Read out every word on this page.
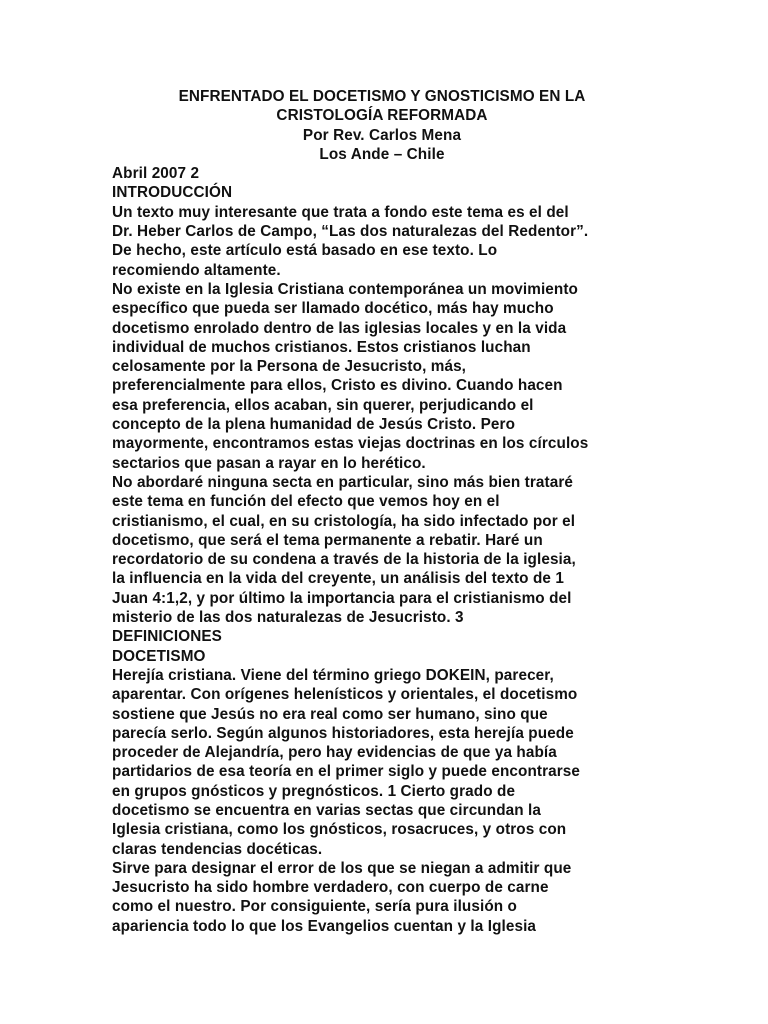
ENFRENTADO EL DOCETISMO Y GNOSTICISMO EN LA
CRISTOLOGÍA REFORMADA
Por Rev. Carlos Mena
Los Ande – Chile
Abril 2007 2
INTRODUCCIÓN
Un texto muy interesante que trata a fondo este tema es el del
Dr. Heber Carlos de Campo, “Las dos naturalezas del Redentor”.
De hecho, este artículo está basado en ese texto. Lo
recomiendo altamente.
No existe en la Iglesia Cristiana contemporánea un movimiento
específico que pueda ser llamado docético, más hay mucho
docetismo enrolado dentro de las iglesias locales y en la vida
individual de muchos cristianos. Estos cristianos luchan
celosamente por la Persona de Jesucristo, más,
preferencialmente para ellos, Cristo es divino. Cuando hacen
esa preferencia, ellos acaban, sin querer, perjudicando el
concepto de la plena humanidad de Jesús Cristo. Pero
mayormente, encontramos estas viejas doctrinas en los círculos
sectarios que pasan a rayar en lo herético.
No abordaré ninguna secta en particular, sino más bien trataré
este tema en función del efecto que vemos hoy en el
cristianismo, el cual, en su cristología, ha sido infectado por el
docetismo, que será el tema permanente a rebatir. Haré un
recordatorio de su condena a través de la historia de la iglesia,
la influencia en la vida del creyente, un análisis del texto de 1
Juan 4:1,2, y por último la importancia para el cristianismo del
misterio de las dos naturalezas de Jesucristo. 3
DEFINICIONES
DOCETISMO
Herejía cristiana. Viene del término griego DOKEIN, parecer,
aparentar. Con orígenes helenísticos y orientales, el docetismo
sostiene que Jesús no era real como ser humano, sino que
parecía serlo. Según algunos historiadores, esta herejía puede
proceder de Alejandría, pero hay evidencias de que ya había
partidarios de esa teoría en el primer siglo y puede encontrarse
en grupos gnósticos y pregnósticos. 1 Cierto grado de
docetismo se encuentra en varias sectas que circundan la
Iglesia cristiana, como los gnósticos, rosacruces, y otros con
claras tendencias docéticas.
Sirve para designar el error de los que se niegan a admitir que
Jesucristo ha sido hombre verdadero, con cuerpo de carne
como el nuestro. Por consiguiente, sería pura ilusión o
apariencia todo lo que los Evangelios cuentan y la Iglesia
